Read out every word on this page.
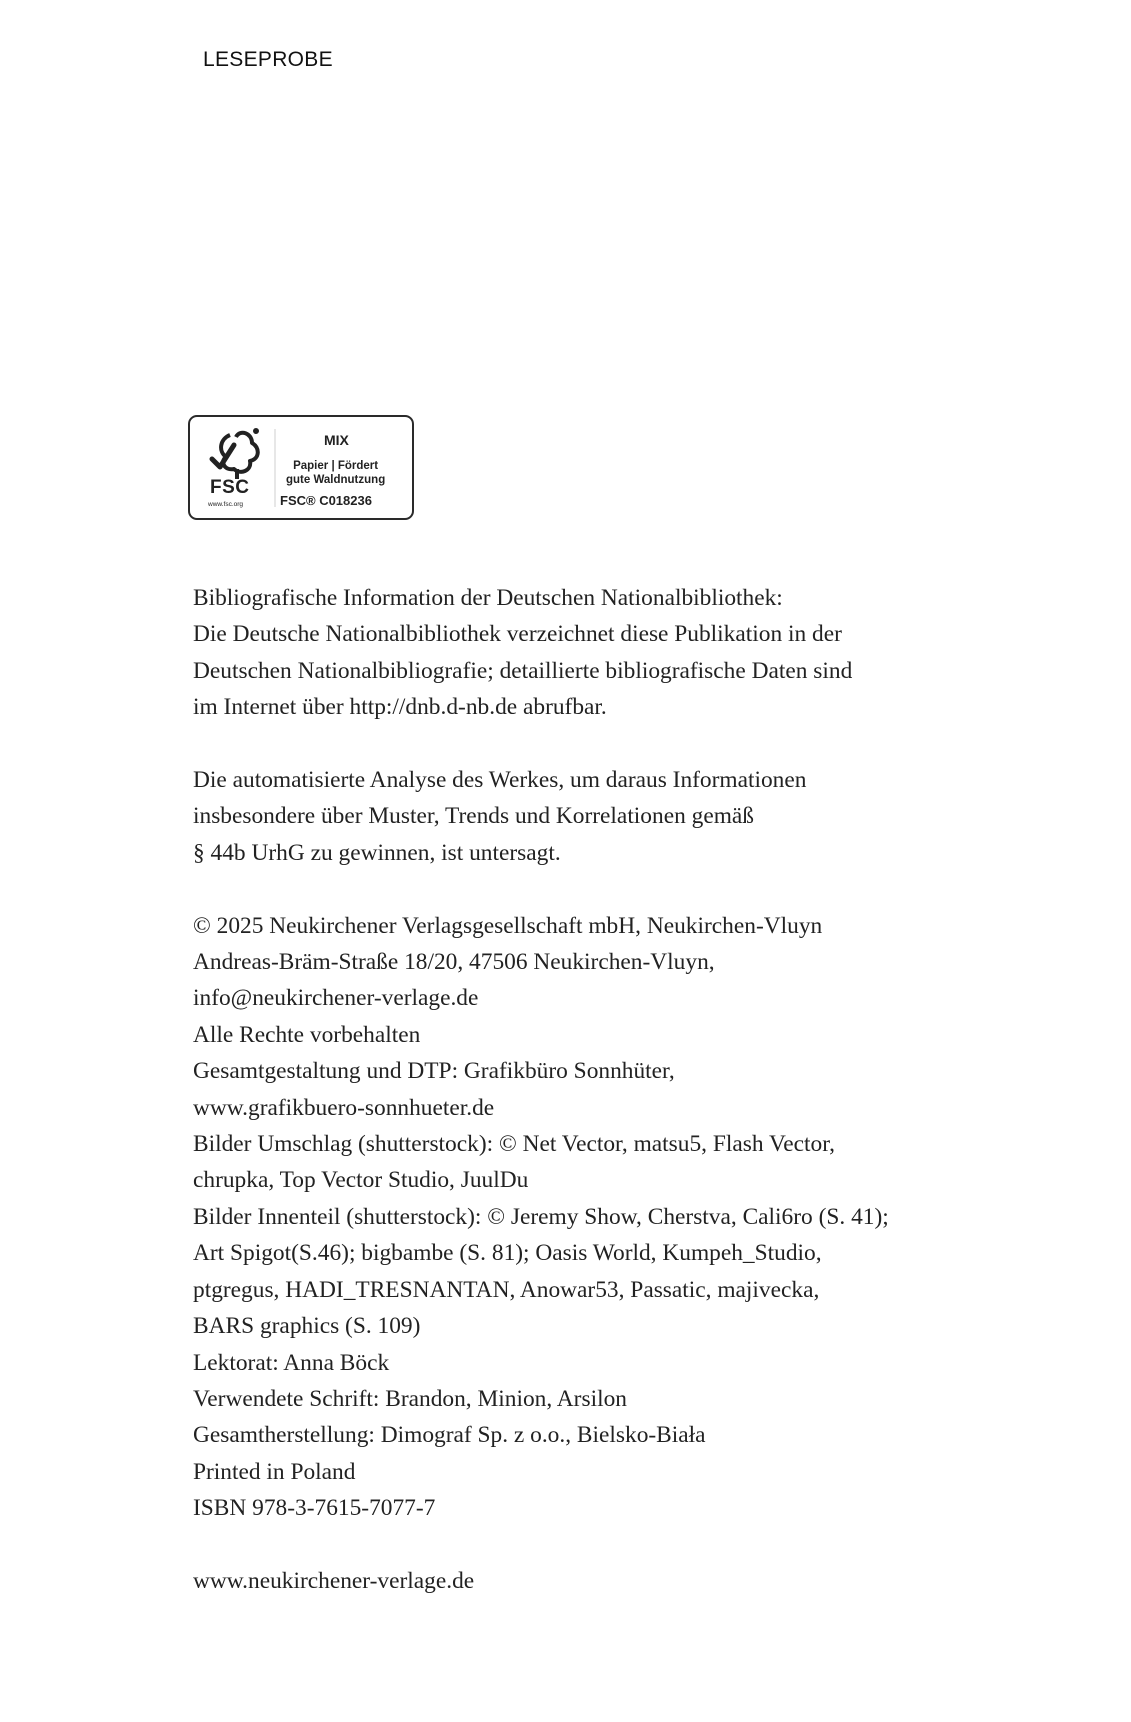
LESEPROBE
FSC
www.fsc.org
MIX
Papier | Fördert
gute Waldnutzung
FSC® C018236
Bibliografische Information der Deutschen Nationalbibliothek:
Die Deutsche Nationalbibliothek verzeichnet diese Publikation in der
Deutschen Nationalbibliografie; detaillierte bibliografische Daten sind
im Internet über http://dnb.d-nb.de abrufbar.
Die automatisierte Analyse des Werkes, um daraus Informationen
insbesondere über Muster, Trends und Korrelationen gemäß
§ 44b UrhG zu gewinnen, ist untersagt.
© 2025 Neukirchener Verlagsgesellschaft mbH, Neukirchen-Vluyn
Andreas-Bräm-Straße 18/20, 47506 Neukirchen-Vluyn,
info@neukirchener-verlage.de
Alle Rechte vorbehalten
Gesamtgestaltung und DTP: Grafikbüro Sonnhüter,
www.grafikbuero-sonnhueter.de
Bilder Umschlag (shutterstock): © Net Vector, matsu5, Flash Vector,
chrupka, Top Vector Studio, JuulDu
Bilder Innenteil (shutterstock): © Jeremy Show, Cherstva, Cali6ro (S. 41);
Art Spigot(S.46); bigbambe (S. 81); Oasis World, Kumpeh_Studio,
ptgregus, HADI_TRESNANTAN, Anowar53, Passatic, majivecka,
BARS graphics (S. 109)
Lektorat: Anna Böck
Verwendete Schrift: Brandon, Minion, Arsilon
Gesamtherstellung: Dimograf Sp. z o.o., Bielsko-Biała
Printed in Poland
ISBN 978-3-7615-7077-7
www.neukirchener-verlage.de
